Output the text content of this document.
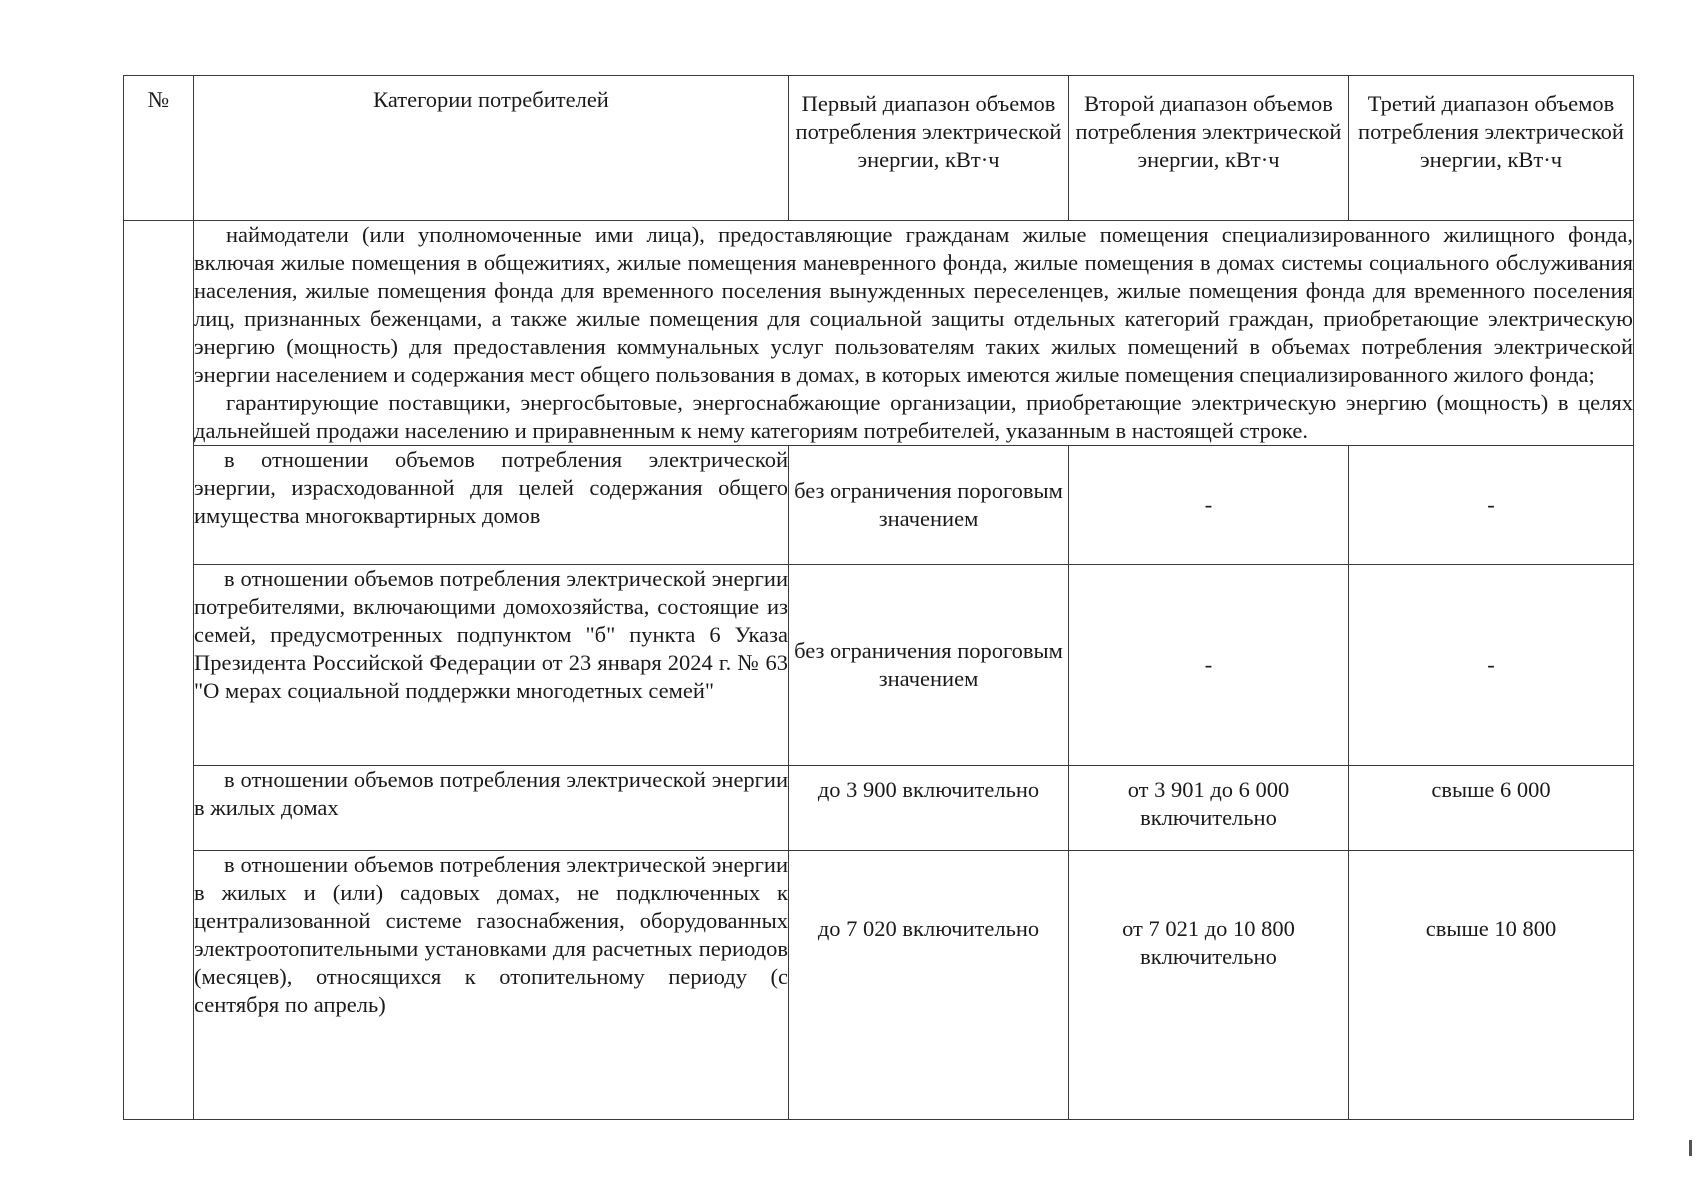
№	Категории потребителей	Первый диапазон объемов потребления электрической энергии, кВт·ч	Второй диапазон объемов потребления электрической энергии, кВт·ч	Третий диапазон объемов потребления электрической энергии, кВт·ч

	наймодатели (или уполномоченные ими лица), предоставляющие гражданам жилые помещения специализированного жилищного фонда, включая жилые помещения в общежитиях, жилые помещения маневренного фонда, жилые помещения в домах системы социального обслуживания населения, жилые помещения фонда для временного поселения вынужденных переселенцев, жилые помещения фонда для временного поселения лиц, признанных беженцами, а также жилые помещения для социальной защиты отдельных категорий граждан, приобретающие электрическую энергию (мощность) для предоставления коммунальных услуг пользователям таких жилых помещений в объемах потребления электрической энергии населением и содержания мест общего пользования в домах, в которых имеются жилые помещения специализированного жилого фонда;

гарантирующие поставщики, энергосбытовые, энергоснабжающие организации, приобретающие электрическую энергию (мощность) в целях дальнейшей продажи населению и приравненным к нему категориям потребителей, указанным в настоящей строке.			

	в отношении объемов потребления электрической энергии, израсходованной для целей содержания общего имущества многоквартирных домов	без ограничения пороговым значением	-	-
	в отношении объемов потребления электрической энергии потребителями, включающими домохозяйства, состоящие из семей, предусмотренных подпунктом "б" пункта 6 Указа Президента Российской Федерации от 23 января 2024 г. № 63 "О мерах социальной поддержки многодетных семей"	без ограничения пороговым значением	-	-
	в отношении объемов потребления электрической энергии в жилых домах	до 3 900 включительно	от 3 901 до 6 000 включительно	свыше 6 000
	в отношении объемов потребления электрической энергии в жилых и (или) садовых домах, не подключенных к централизованной системе газоснабжения, оборудованных электроотопительными установками для расчетных периодов (месяцев), относящихся к отопительному периоду (с сентября по апрель)	до 7 020 включительно	от 7 021 до 10 800 включительно	свыше 10 800
